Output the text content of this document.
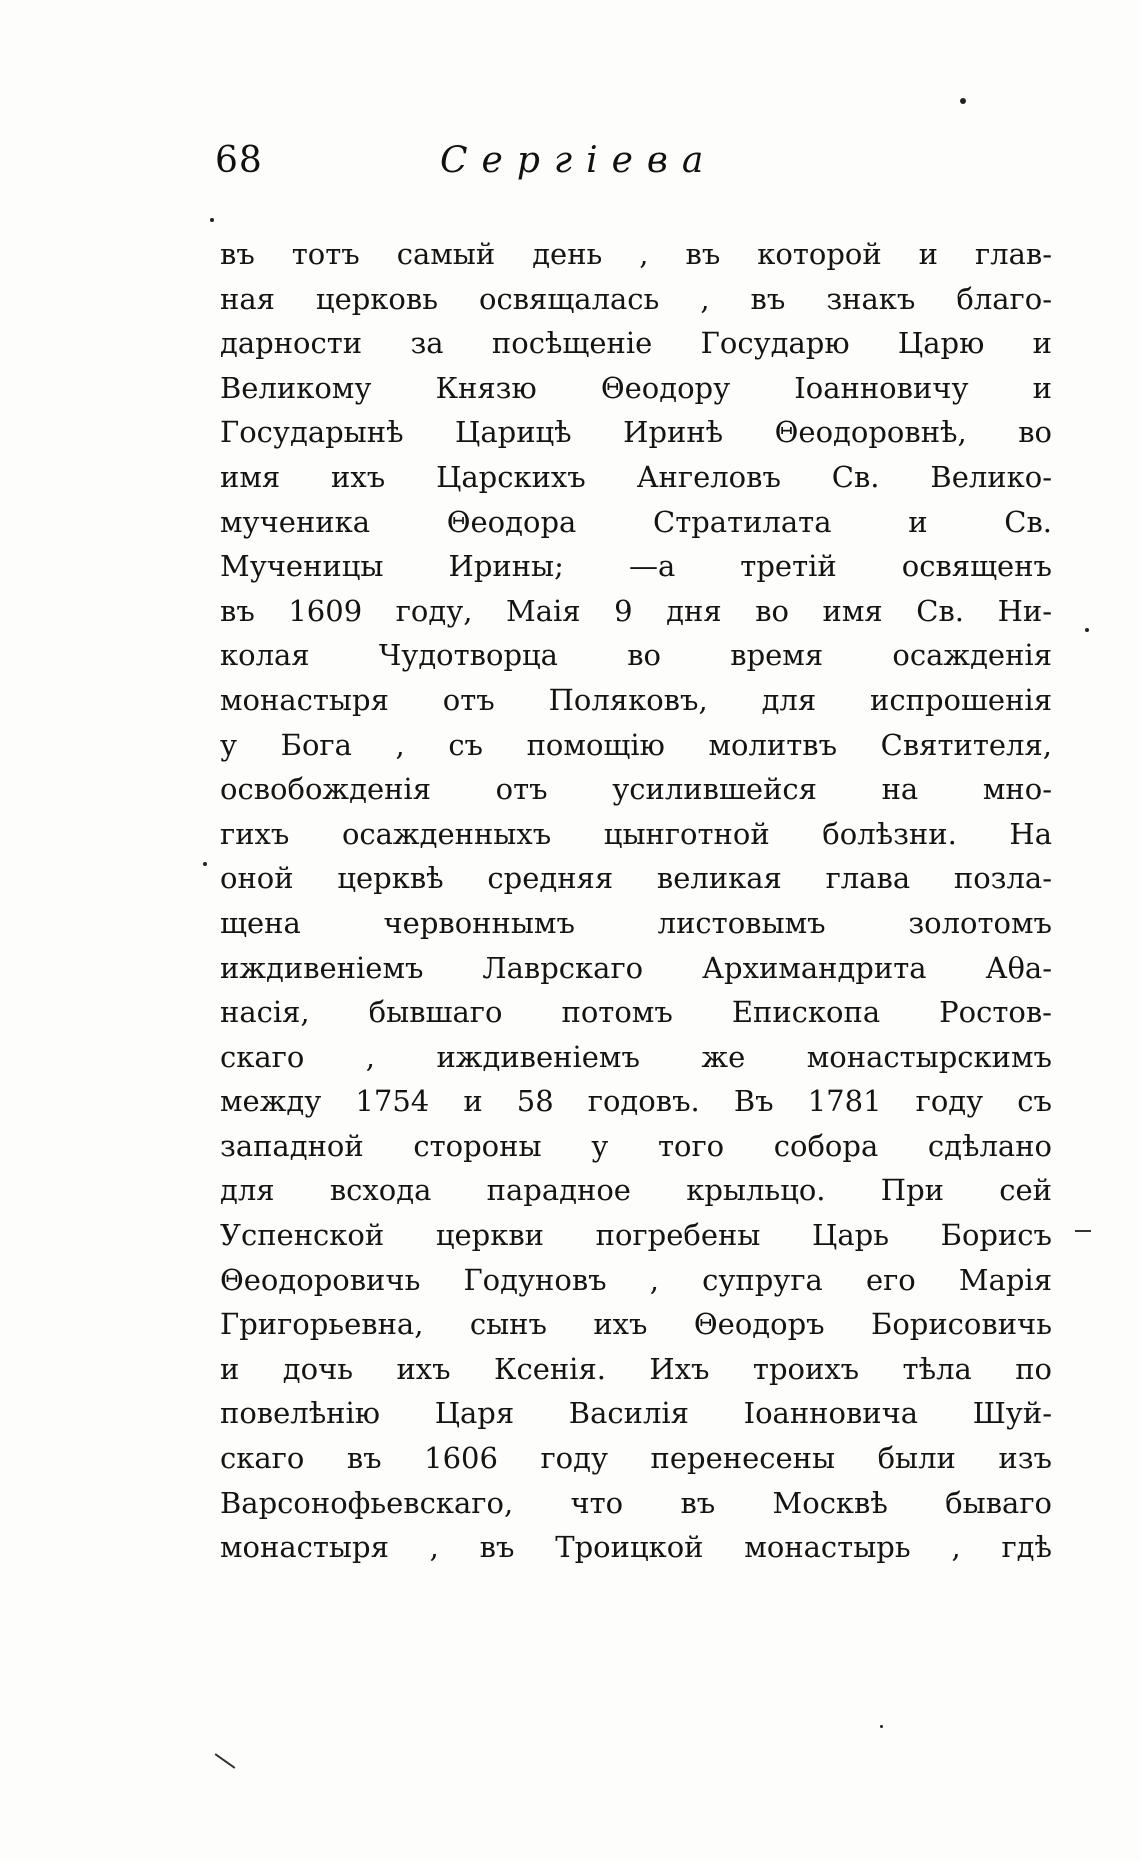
68	Сергіева
въ тотъ самый день , въ которой и глав-
ная церковь освящалась , въ знакъ благо-
дарности за посѣщеніе Государю Царю и
Великому Князю Θеодору Іоанновичу и
Государынѣ Царицѣ Иринѣ Θеодоровнѣ, во
имя ихъ Царскихъ Ангеловъ Св. Велико-
мученика Θеодора Стратилата и Св.
Мученицы Ирины; —а третій освященъ
въ 1609 году, Маія 9 дня во имя Св. Ни-
колая Чудотворца во время осажденія
монастыря отъ Поляковъ, для испрошенія
у Бога , съ помощію молитвъ Святителя,
освобожденія отъ усилившейся на мно-
гихъ осажденныхъ цынготной болѣзни. На
оной церквѣ средняя великая глава позла-
щена червоннымъ листовымъ золотомъ
иждивеніемъ Лаврскаго Архимандрита Аθа-
насія, бывшаго потомъ Епископа Ростов-
скаго , иждивеніемъ же монастырскимъ
между 1754 и 58 годовъ. Въ 1781 году съ
западной стороны у того собора сдѣлано
для всхода парадное крыльцо. При сей
Успенской церкви погребены Царь Борисъ
Θеодоровичь Годуновъ , супруга его Марія
Григорьевна, сынъ ихъ Θеодоръ Борисовичь
и дочь ихъ Ксенія. Ихъ троихъ тѣла по
повелѣнію Царя Василія Іоанновича Шуй-
скаго въ 1606 году перенесены были изъ
Варсонофьевскаго, что въ Москвѣ бываго
монастыря , въ Троицкой монастырь , гдѣ
